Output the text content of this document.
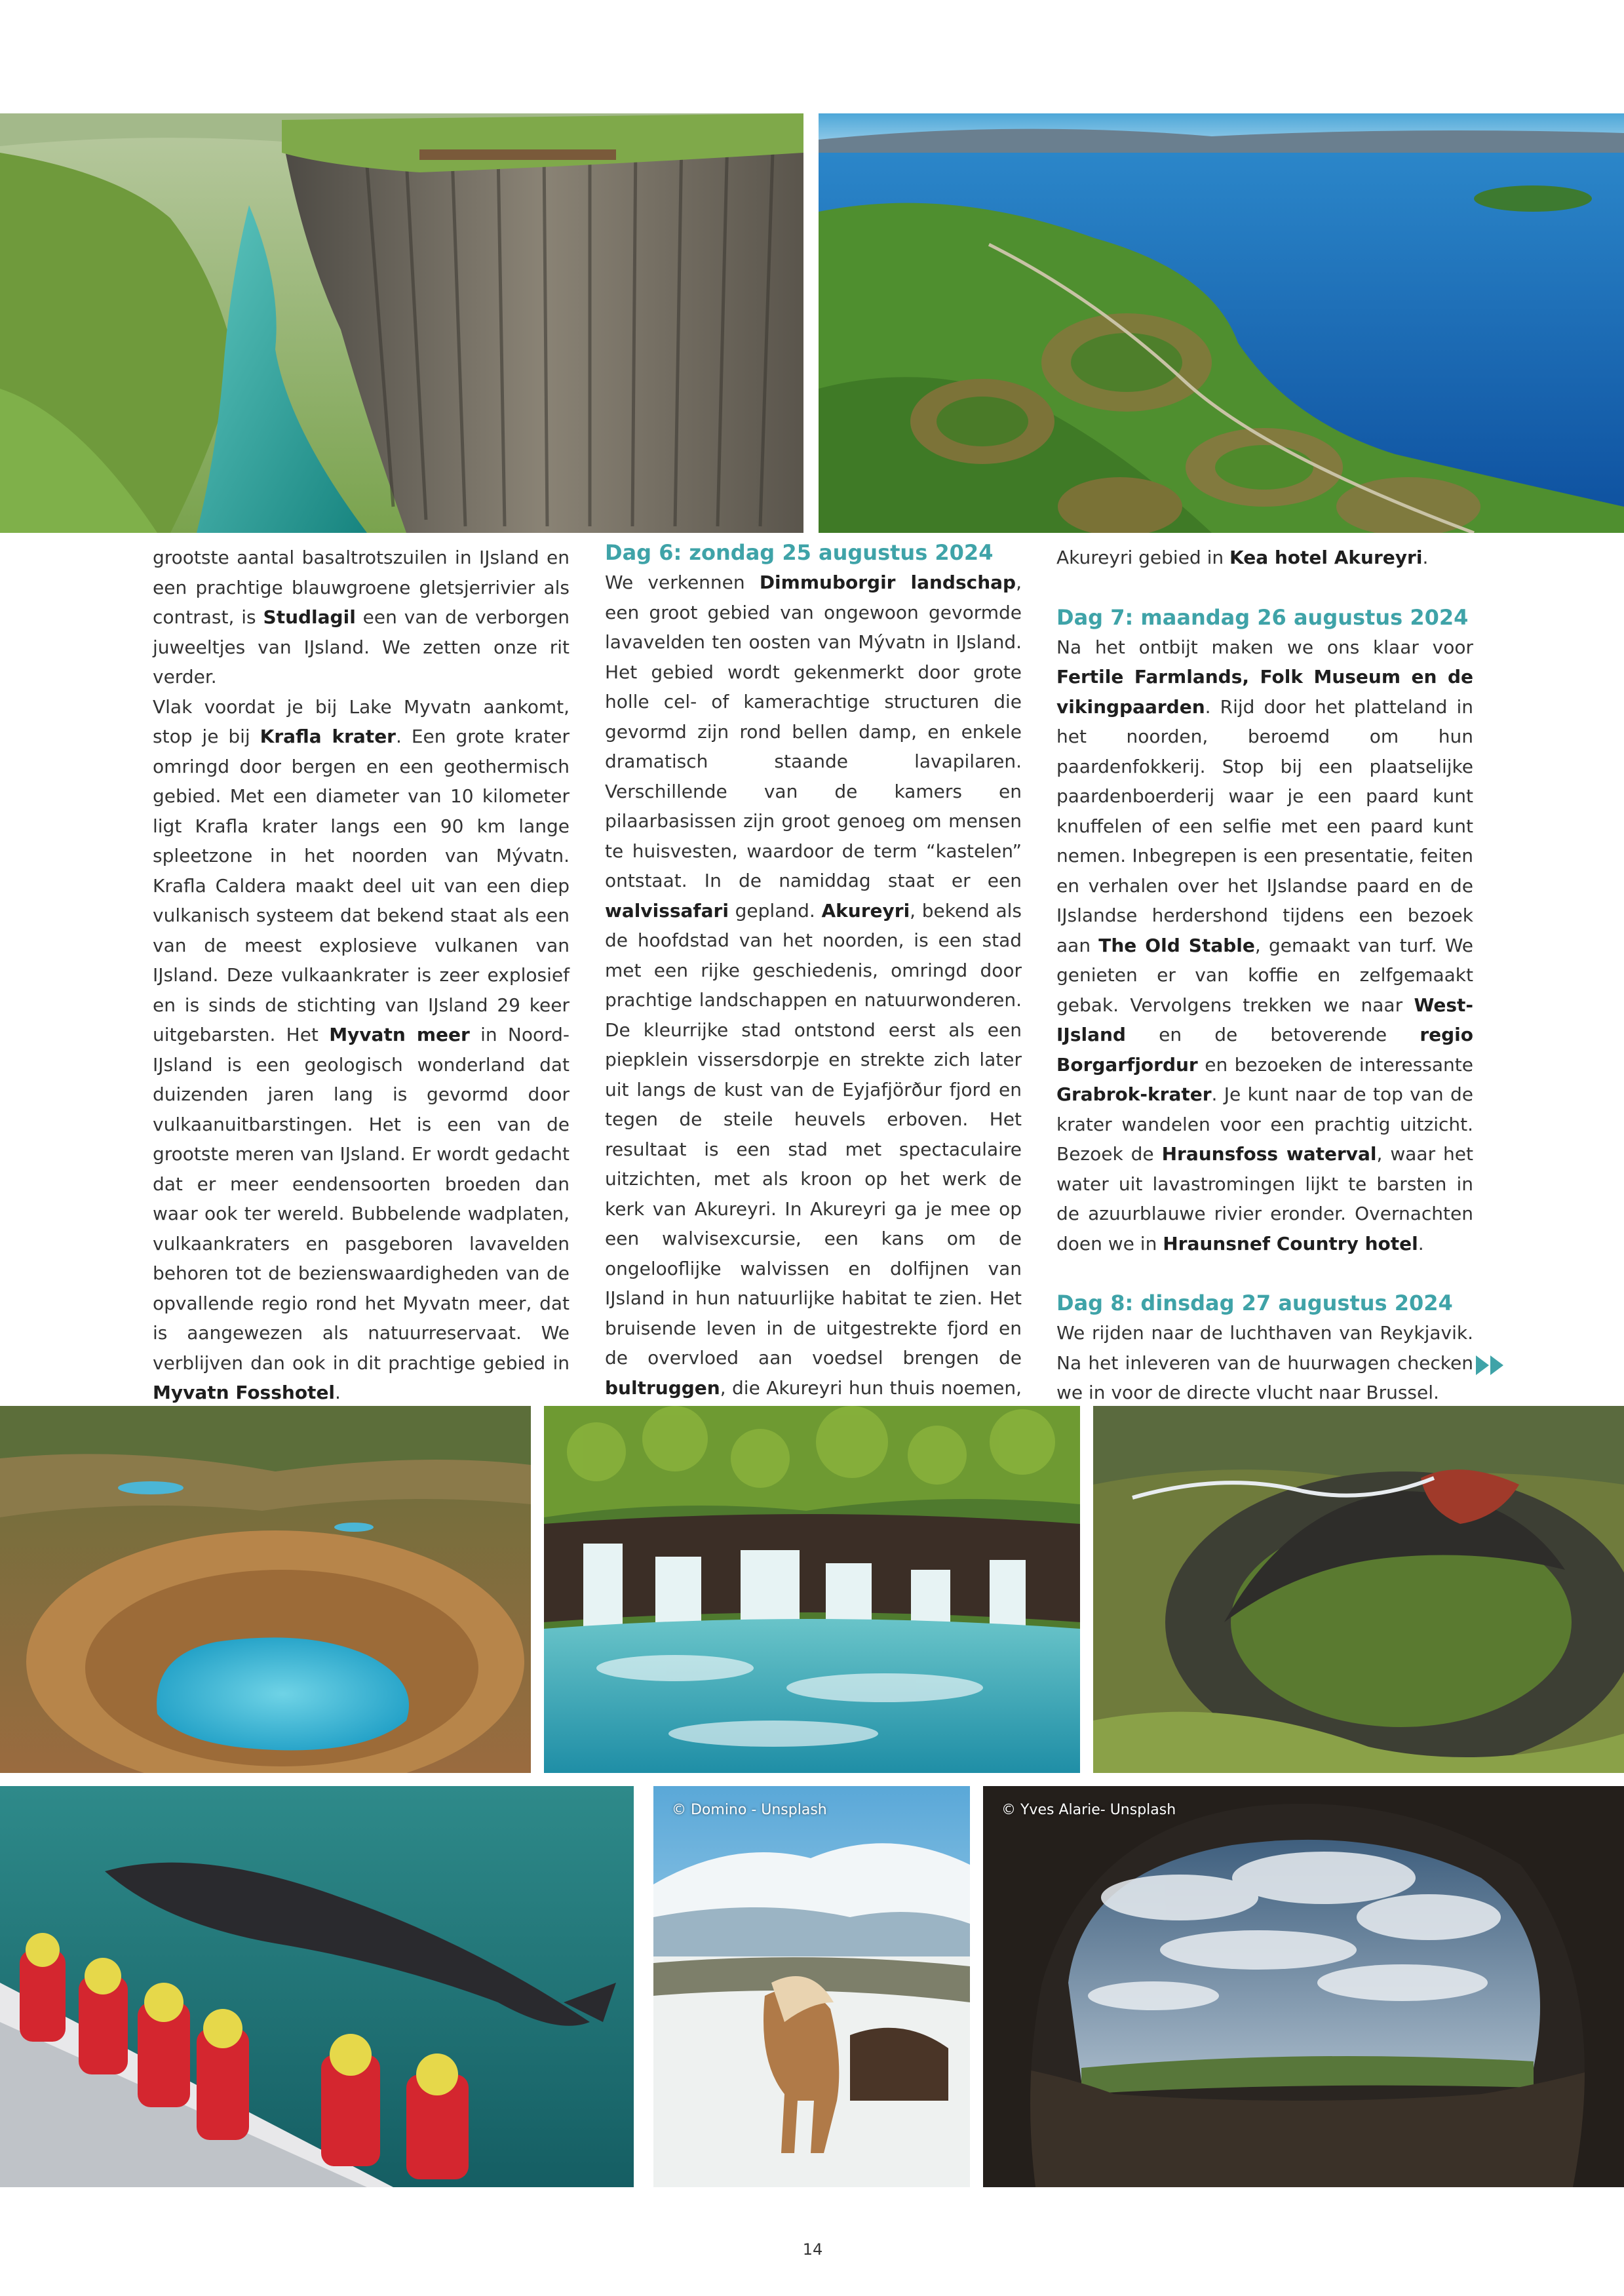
grootste aantal basaltrotszuilen in IJsland en een prachtige blauwgroene gletsjerrivier als contrast, is Studlagil een van de verborgen juweeltjes van IJsland. We zetten onze rit verder.

Vlak voordat je bij Lake Myvatn aankomt, stop je bij Krafla krater. Een grote krater omringd door bergen en een geothermisch gebied. Met een diameter van 10 kilometer ligt Krafla krater langs een 90 km lange spleetzone in het noorden van Mývatn. Krafla Caldera maakt deel uit van een diep vulkanisch systeem dat bekend staat als een van de meest explosieve vulkanen van IJsland. Deze vulkaankrater is zeer explosief en is sinds de stichting van IJsland 29 keer uitgebarsten. Het Myvatn meer in Noord-IJsland is een geologisch wonderland dat duizenden jaren lang is gevormd door vulkaanuitbarstingen. Het is een van de grootste meren van IJsland. Er wordt gedacht dat er meer eendensoorten broeden dan waar ook ter wereld. Bubbelende wadplaten, vulkaankraters en pasgeboren lavavelden behoren tot de bezienswaardigheden van de opvallende regio rond het Myvatn meer, dat is aangewezen als natuurreservaat. We verblijven dan ook in dit prachtige gebied in Myvatn Fosshotel.

Dag 6: zondag 25 augustus 2024

We verkennen Dimmuborgir landschap, een groot gebied van ongewoon gevormde lavavelden ten oosten van Mývatn in IJsland. Het gebied wordt gekenmerkt door grote holle cel- of kamerachtige structuren die gevormd zijn rond bellen damp, en enkele dramatisch staande lavapilaren. Verschillende van de kamers en pilaarbasissen zijn groot genoeg om mensen te huisvesten, waardoor de term “kastelen” ontstaat. In de namiddag staat er een walvissafari gepland. Akureyri, bekend als de hoofdstad van het noorden, is een stad met een rijke geschiedenis, omringd door prachtige landschappen en natuurwonderen. De kleurrijke stad ontstond eerst als een piepklein vissersdorpje en strekte zich later uit langs de kust van de Eyjafjörður fjord en tegen de steile heuvels erboven. Het resultaat is een stad met spectaculaire uitzichten, met als kroon op het werk de kerk van Akureyri. In Akureyri ga je mee op een walvisexcursie, een kans om de ongelooflijke walvissen en dolfijnen van IJsland in hun natuurlijke habitat te zien. Het bruisende leven in de uitgestrekte fjord en de overvloed aan voedsel brengen de bultruggen, die Akureyri hun thuis noemen,

Akureyri gebied in Kea hotel Akureyri.

Dag 7: maandag 26 augustus 2024

Na het ontbijt maken we ons klaar voor Fertile Farmlands, Folk Museum en de vikingpaarden. Rijd door het platteland in het noorden, beroemd om hun paardenfokkerij. Stop bij een plaatselijke paardenboerderij waar je een paard kunt knuffelen of een selfie met een paard kunt nemen. Inbegrepen is een presentatie, feiten en verhalen over het IJslandse paard en de IJslandse herdershond tijdens een bezoek aan The Old Stable, gemaakt van turf. We genieten er van koffie en zelfgemaakt gebak. Vervolgens trekken we naar West-IJsland en de betoverende regio Borgarfjordur en bezoeken de interessante Grabrok-krater. Je kunt naar de top van de krater wandelen voor een prachtig uitzicht. Bezoek de Hraunsfoss waterval, waar het water uit lavastromingen lijkt te barsten in de azuurblauwe rivier eronder. Overnachten doen we in Hraunsnef Country hotel.

Dag 8: dinsdag 27 augustus 2024

We rijden naar de luchthaven van Reykjavik. Na het inleveren van de huurwagen checken we in voor de directe vlucht naar Brussel.

© Domino - Unsplash	© Yves Alarie- Unsplash
14
